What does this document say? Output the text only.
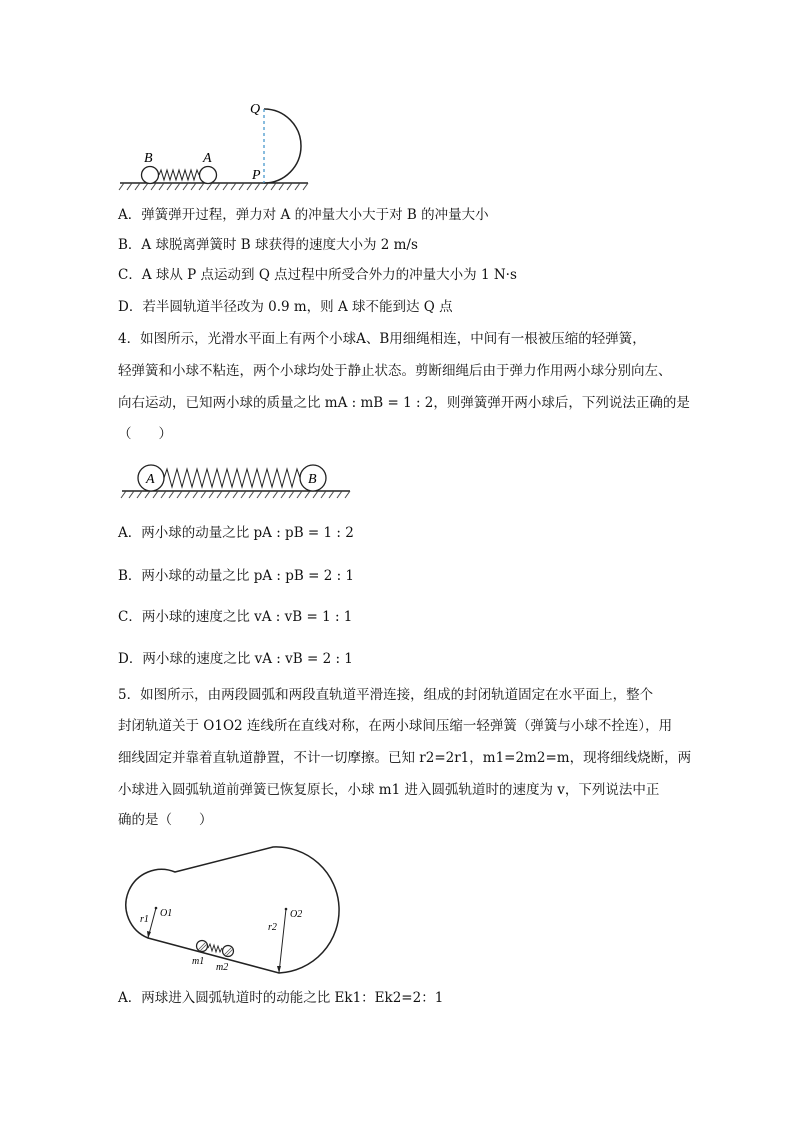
B	A
Q
P
A．弹簧弹开过程，弹力对 A 的冲量大小大于对 B 的冲量大小
B．A 球脱离弹簧时 B 球获得的速度大小为 2 m/s
C．A 球从 P 点运动到 Q 点过程中所受合外力的冲量大小为 1 N·s
D．若半圆轨道半径改为 0.9 m，则 A 球不能到达 Q 点
4．如图所示，光滑水平面上有两个小球A、B用细绳相连，中间有一根被压缩的轻弹簧，
轻弹簧和小球不粘连，两个小球均处于静止状态。剪断细绳后由于弹力作用两小球分别向左、
向右运动，已知两小球的质量之比 mA : mB = 1 : 2，则弹簧弹开两小球后，下列说法正确的是
（　　）
A	B
A．两小球的动量之比 pA : pB = 1 : 2
B．两小球的动量之比 pA : pB = 2 : 1
C．两小球的速度之比 vA : vB = 1 : 1
D．两小球的速度之比 vA : vB = 2 : 1
5．如图所示，由两段圆弧和两段直轨道平滑连接，组成的封闭轨道固定在水平面上，整个
封闭轨道关于 O1O2 连线所在直线对称，在两小球间压缩一轻弹簧（弹簧与小球不拴连），用
细线固定并靠着直轨道静置，不计一切摩擦。已知 r2=2r1，m1=2m2=m，现将细线烧断，两
小球进入圆弧轨道前弹簧已恢复原长，小球 m1 进入圆弧轨道时的速度为 v，下列说法中正
确的是（　　）
O1
r1	O2
r2
m1
m2
A．两球进入圆弧轨道时的动能之比 Ek1：Ek2=2：1
